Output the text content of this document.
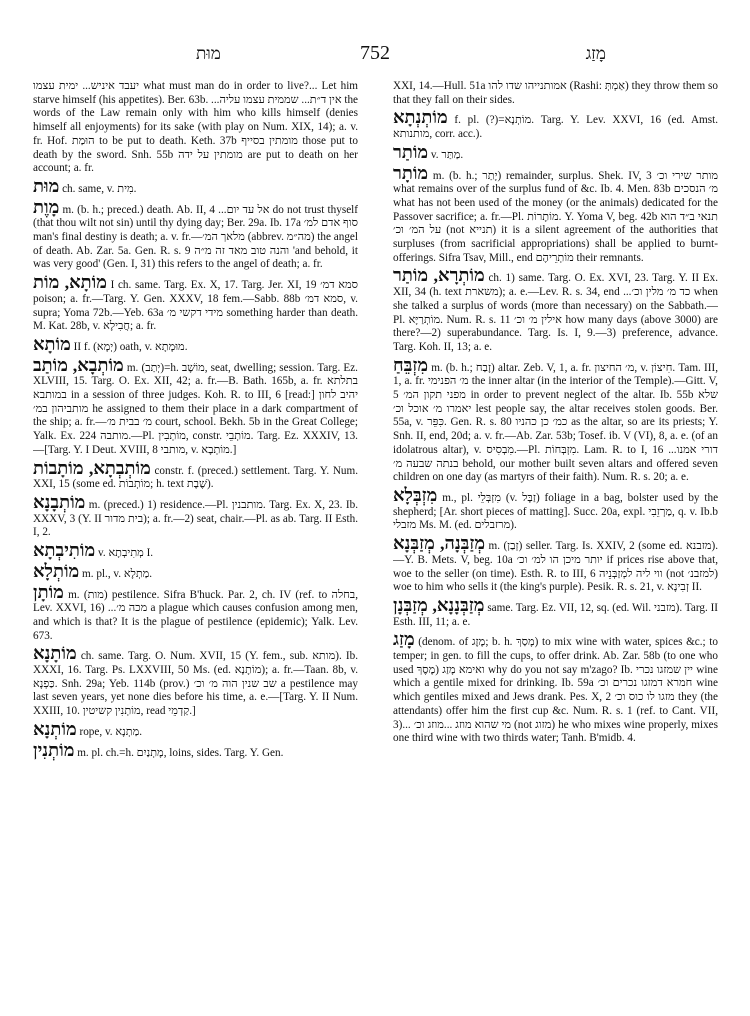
מוּת	752	מָזַג

יעבד איניש... ימית עצמו what must man do in order to live?... Let him starve himself (his appetites). Ber. 63b. ...אין ד״ת... שממית עצמו עליה the words of the Law remain only with him who kills himself (denies himself all enjoyments) for its sake (with play on Num. XIX, 14); a. v. fr. Hof. הוּמַת to be put to death. Keth. 37b מומתין בסייף those put to death by the sword. Snh. 55b מומתין על ידה are put to death on her account; a. fr.

מוּת ch. same, v. מִית.

מָוֶת m. (b. h.; preced.) death. Ab. II, 4 ...אל עד יום do not trust thyself (that thou wilt not sin) until thy dying day; Ber. 29a. Ib. 17a סוף אדם למ׳ man's final destiny is death; a. v. fr.—מלאך המ׳ (abbrev. מה״מ) the angel of death. Ab. Zar. 5a. Gen. R. s. 9 והנה טוב מאד זה מ״ה 'and behold, it was very good' (Gen. I, 31) this refers to the angel of death; a. fr.

מוֹתָא, מוֹת I ch. same. Targ. Ex. X, 17. Targ. Jer. XI, 19 סמא דמ׳ poison; a. fr.—Targ. Y. Gen. XXXV, 18 fem.—Sabb. 88b סמא דמ׳, v. supra; Yoma 72b.—Yeb. 63a מידי דקשי מ׳ something harder than death. M. Kat. 28b, v. חֲבִילָא; a. fr.

מוֹתָא II f. (יְמָא) oath, v. מוּמָתָא.

מוֹתְבָא, מוֹתַב m. (יְתַב)=h. מוֹשָׁב, seat, dwelling; session. Targ. Ez. XLVIII, 15. Targ. O. Ex. XII, 42; a. fr.—B. Bath. 165b, a. fr. בתלתא במותבא in a session of three judges. Koh. R. to III, 6 [read:] יהיב לחון מותביהון במ׳ he assigned to them their place in a dark compartment of the ship; a. fr.—מ׳ בבית מ׳ court, school. Bekh. 5b in the Great College; Yalk. Ex. 224 מותבה.—Pl. מוֹתְבִין, constr. מוֹתְבֵי. Targ. Ez. XXXIV, 13.—[Targ. Y. I Deut. XVIII, 8 מותבי, v. מוֹתְבָא.]

מוֹתְבְתָא, מוֹתָבוֹת constr. f. (preced.) settlement. Targ. Y. Num. XXI, 15 (some ed. מוֹתְבוֹת; h. text שֶׁבֶת).

מוֹתְבָנָא m. (preced.) 1) residence.—Pl. מותבנין. Targ. Ex. X, 23. Ib. XXXV, 3 (Y. II בית מדור); a. fr.—2) seat, chair.—Pl. as ab. Targ. II Esth. I, 2.

מוֹתִיבְתָא v. מְתִיבְתָא I.

מוֹתְלָא m. pl., v. מַתְלָא.

מוֹתָן m. (מות) pestilence. Sifra B'huck. Par. 2, ch. IV (ref. to בחלה, Lev. XXVI, 16) ...מכה מ׳ a plague which causes confusion among men, and which is that? It is the plague of pestilence (epidemic); Yalk. Lev. 673.

מוֹתָנָא ch. same. Targ. O. Num. XVII, 15 (Y. fem., sub. מותא). Ib. XXXI, 16. Targ. Ps. LXXVIII, 50 Ms. (ed. מוֹתָנָא); a. fr.—Taan. 8b, v. כַּפְנָא. Snh. 29a; Yeb. 114b (prov.) שב שנין הוה מ׳ וכ׳ a pestilence may last seven years, yet none dies before his time, a. e.—[Targ. Y. II Num. XXIII, 10. מוֹתְנִין קשיטין, read קַדְמֵי.]

מוֹתְנָא rope, v. מַתְנָא.

מוֹתְנִין m. pl. ch.=h. מָתְנַיִם, loins, sides. Targ. Y. Gen.

XXI, 14.—Hull. 51a אמותנייהו שדו להו (Rashi: אַמְתְּ) they throw them so that they fall on their sides.

מוֹתְנְתָא f. pl. (?)=מוֹתְנָא. Targ. Y. Lev. XXVI, 16 (ed. Amst. מותנותא, corr. acc.).

מוֹתַר v. מַתַּר.

מוֹתָר m. (b. h.; יָתַר) remainder, surplus. Shek. IV, 3 מותר שירי וכ׳ what remains over of the surplus fund of &c. Ib. 4. Men. 83b מ׳ הנסכים what has not been used of the money (or the animals) dedicated for the Passover sacrifice; a. fr.—Pl. מוֹתָרוֹת. Y. Yoma V, beg. 42b תנאי ב״ד הוא על המ׳ וכ׳ (not תנייא) it is a silent agreement of the authorities that surpluses (from sacrificial appropriations) shall be applied to burnt-offerings. Sifra Tsav, Mill., end מוֹתְרֵיהֶם their remnants.

מוֹתְרָא, מוֹתַר ch. 1) same. Targ. O. Ex. XVI, 23. Targ. Y. II Ex. XII, 34 (h. text משארת); a. e.—Lev. R. s. 34, end ...כד מ׳ מלין וכ׳ when she talked a surplus of words (more than necessary) on the Sabbath.—Pl. מוֹתְרַיָּא. Num. R. s. 11 אילין מ׳ וכ׳ how many days (above 3000) are there?—2) superabundance. Targ. Is. I, 9.—3) preference, advance. Targ. Koh. II, 13; a. e.

מִזְבֵּחַ m. (b. h.; זָבַח) altar. Zeb. V, 1, a. fr. מ׳ החיצון, v. חִיצוֹן. Tam. III, 1, a. fr. מ׳ הפנימי the inner altar (in the interior of the Temple).—Gitt. V, 5 מפני תקון המ׳ in order to prevent neglect of the altar. Ib. 55b שלא יאמרו מ׳ אוכל וכ׳ lest people say, the altar receives stolen goods. Ber. 55a, v. כִּפֵּר. Gen. R. s. 80 כמ׳ כן כהניו as the altar, so are its priests; Y. Snh. II, end, 20d; a. v. fr.—Ab. Zar. 53b; Tosef. ib. V (VI), 8, a. e. (of an idolatrous altar), v. מִבְסִיס.—Pl. מִזְבְּחוֹת. Lam. R. to I, 16 ...דורי אמנו בנתה שבעה מ׳ behold, our mother built seven altars and offered seven children on one day (as martyrs of their faith). Num. R. s. 20; a. e.

מִזְבְּלָא m., pl. מִזְבְּלֵי (v. זַבָּל) foliage in a bag, bolster used by the shepherd; [Ar. short pieces of matting]. Succ. 20a, expl. מַרְזֵבִי, q. v. Ib.b מזבלי Ms. M. (ed. מרזבלים).

מְזַבְּנָה, מְזַבְּנָא m. (זְבַן) seller. Targ. Is. XXIV, 2 (some ed. מזבנא).—Y. B. Mets. V, beg. 10a יותר מיכן הו למ׳ וכ׳ if prices rise above that, woe to the seller (on time). Esth. R. to III, 6 ווי ליה למְזַבְּנֵיה (not למזבנ׳) woe to him who sells it (the king's purple). Pesik. R. s. 21, v. זְבִינָא II.

מְזַבְּנָנָא, מְזַבְּנָן same. Targ. Ez. VII, 12, sq. (ed. Wil. מזבני). Targ. II Esth. III, 11; a. e.

מָזַג (denom. of מֶזֶג; b. h. מָסַךְ) to mix wine with water, spices &c.; to temper; in gen. to fill the cups, to offer drink. Ab. Zar. 58b (to one who used מֶסֶךְ) ואימא מָזַג why do you not say m'zago? Ib. יין שמזגו נכרי wine which a gentile mixed for drinking. Ib. 59a חמרא דמזגו נכרים וכ׳ wine which gentiles mixed and Jews drank. Pes. X, 2 מזגו לו כוס וכ׳ they (the attendants) offer him the first cup &c. Num. R. s. 1 (ref. to Cant. VII, 3)... מי שהוא מוזג ...מוזג וכ׳ (not מזוג) he who mixes wine properly, mixes one third wine with two thirds water; Tanh. B'midb. 4.
